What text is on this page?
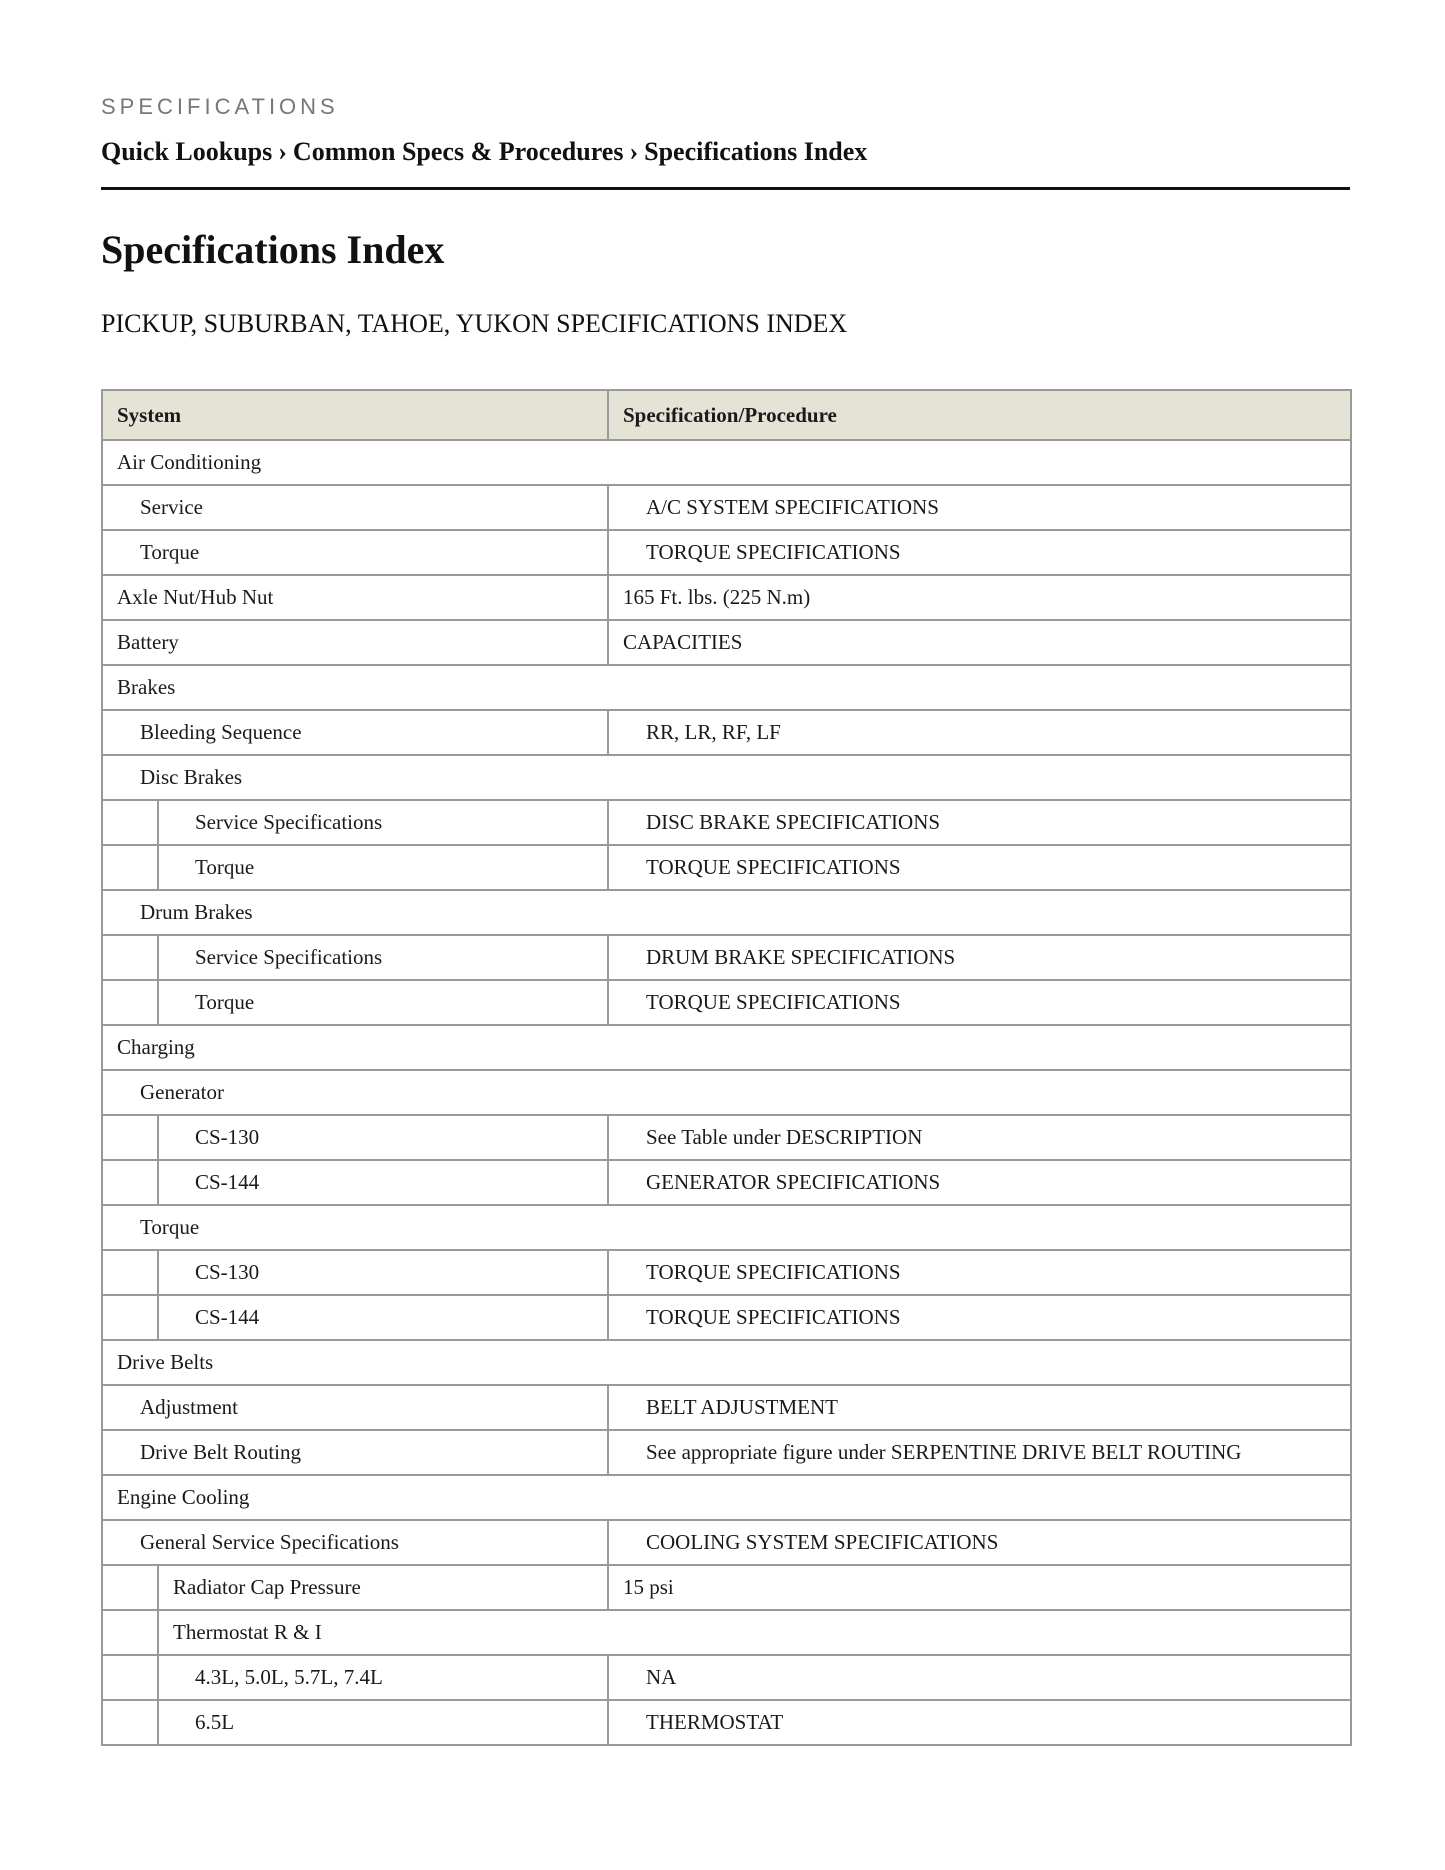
SPECIFICATIONS
Quick Lookups › Common Specs & Procedures › Specifications Index
Specifications Index
PICKUP, SUBURBAN, TAHOE, YUKON SPECIFICATIONS INDEX
System	Specification/Procedure
Air Conditioning	
Service	A/C SYSTEM SPECIFICATIONS
Torque	TORQUE SPECIFICATIONS
Axle Nut/Hub Nut	165 Ft. lbs. (225 N.m)
Battery	CAPACITIES
Brakes	
Bleeding Sequence	RR, LR, RF, LF
Disc Brakes	

Service Specifications	DISC BRAKE SPECIFICATIONS

Torque	TORQUE SPECIFICATIONS
Drum Brakes	

Service Specifications	DRUM BRAKE SPECIFICATIONS

Torque	TORQUE SPECIFICATIONS
Charging	
Generator	

CS-130	See Table under DESCRIPTION

CS-144	GENERATOR SPECIFICATIONS
Torque	

CS-130	TORQUE SPECIFICATIONS

CS-144	TORQUE SPECIFICATIONS
Drive Belts	
Adjustment	BELT ADJUSTMENT
Drive Belt Routing	See appropriate figure under SERPENTINE DRIVE BELT ROUTING
Engine Cooling	
General Service Specifications	COOLING SYSTEM SPECIFICATIONS

Radiator Cap Pressure	15 psi

Thermostat R & I	

4.3L, 5.0L, 5.7L, 7.4L	NA

6.5L	THERMOSTAT
